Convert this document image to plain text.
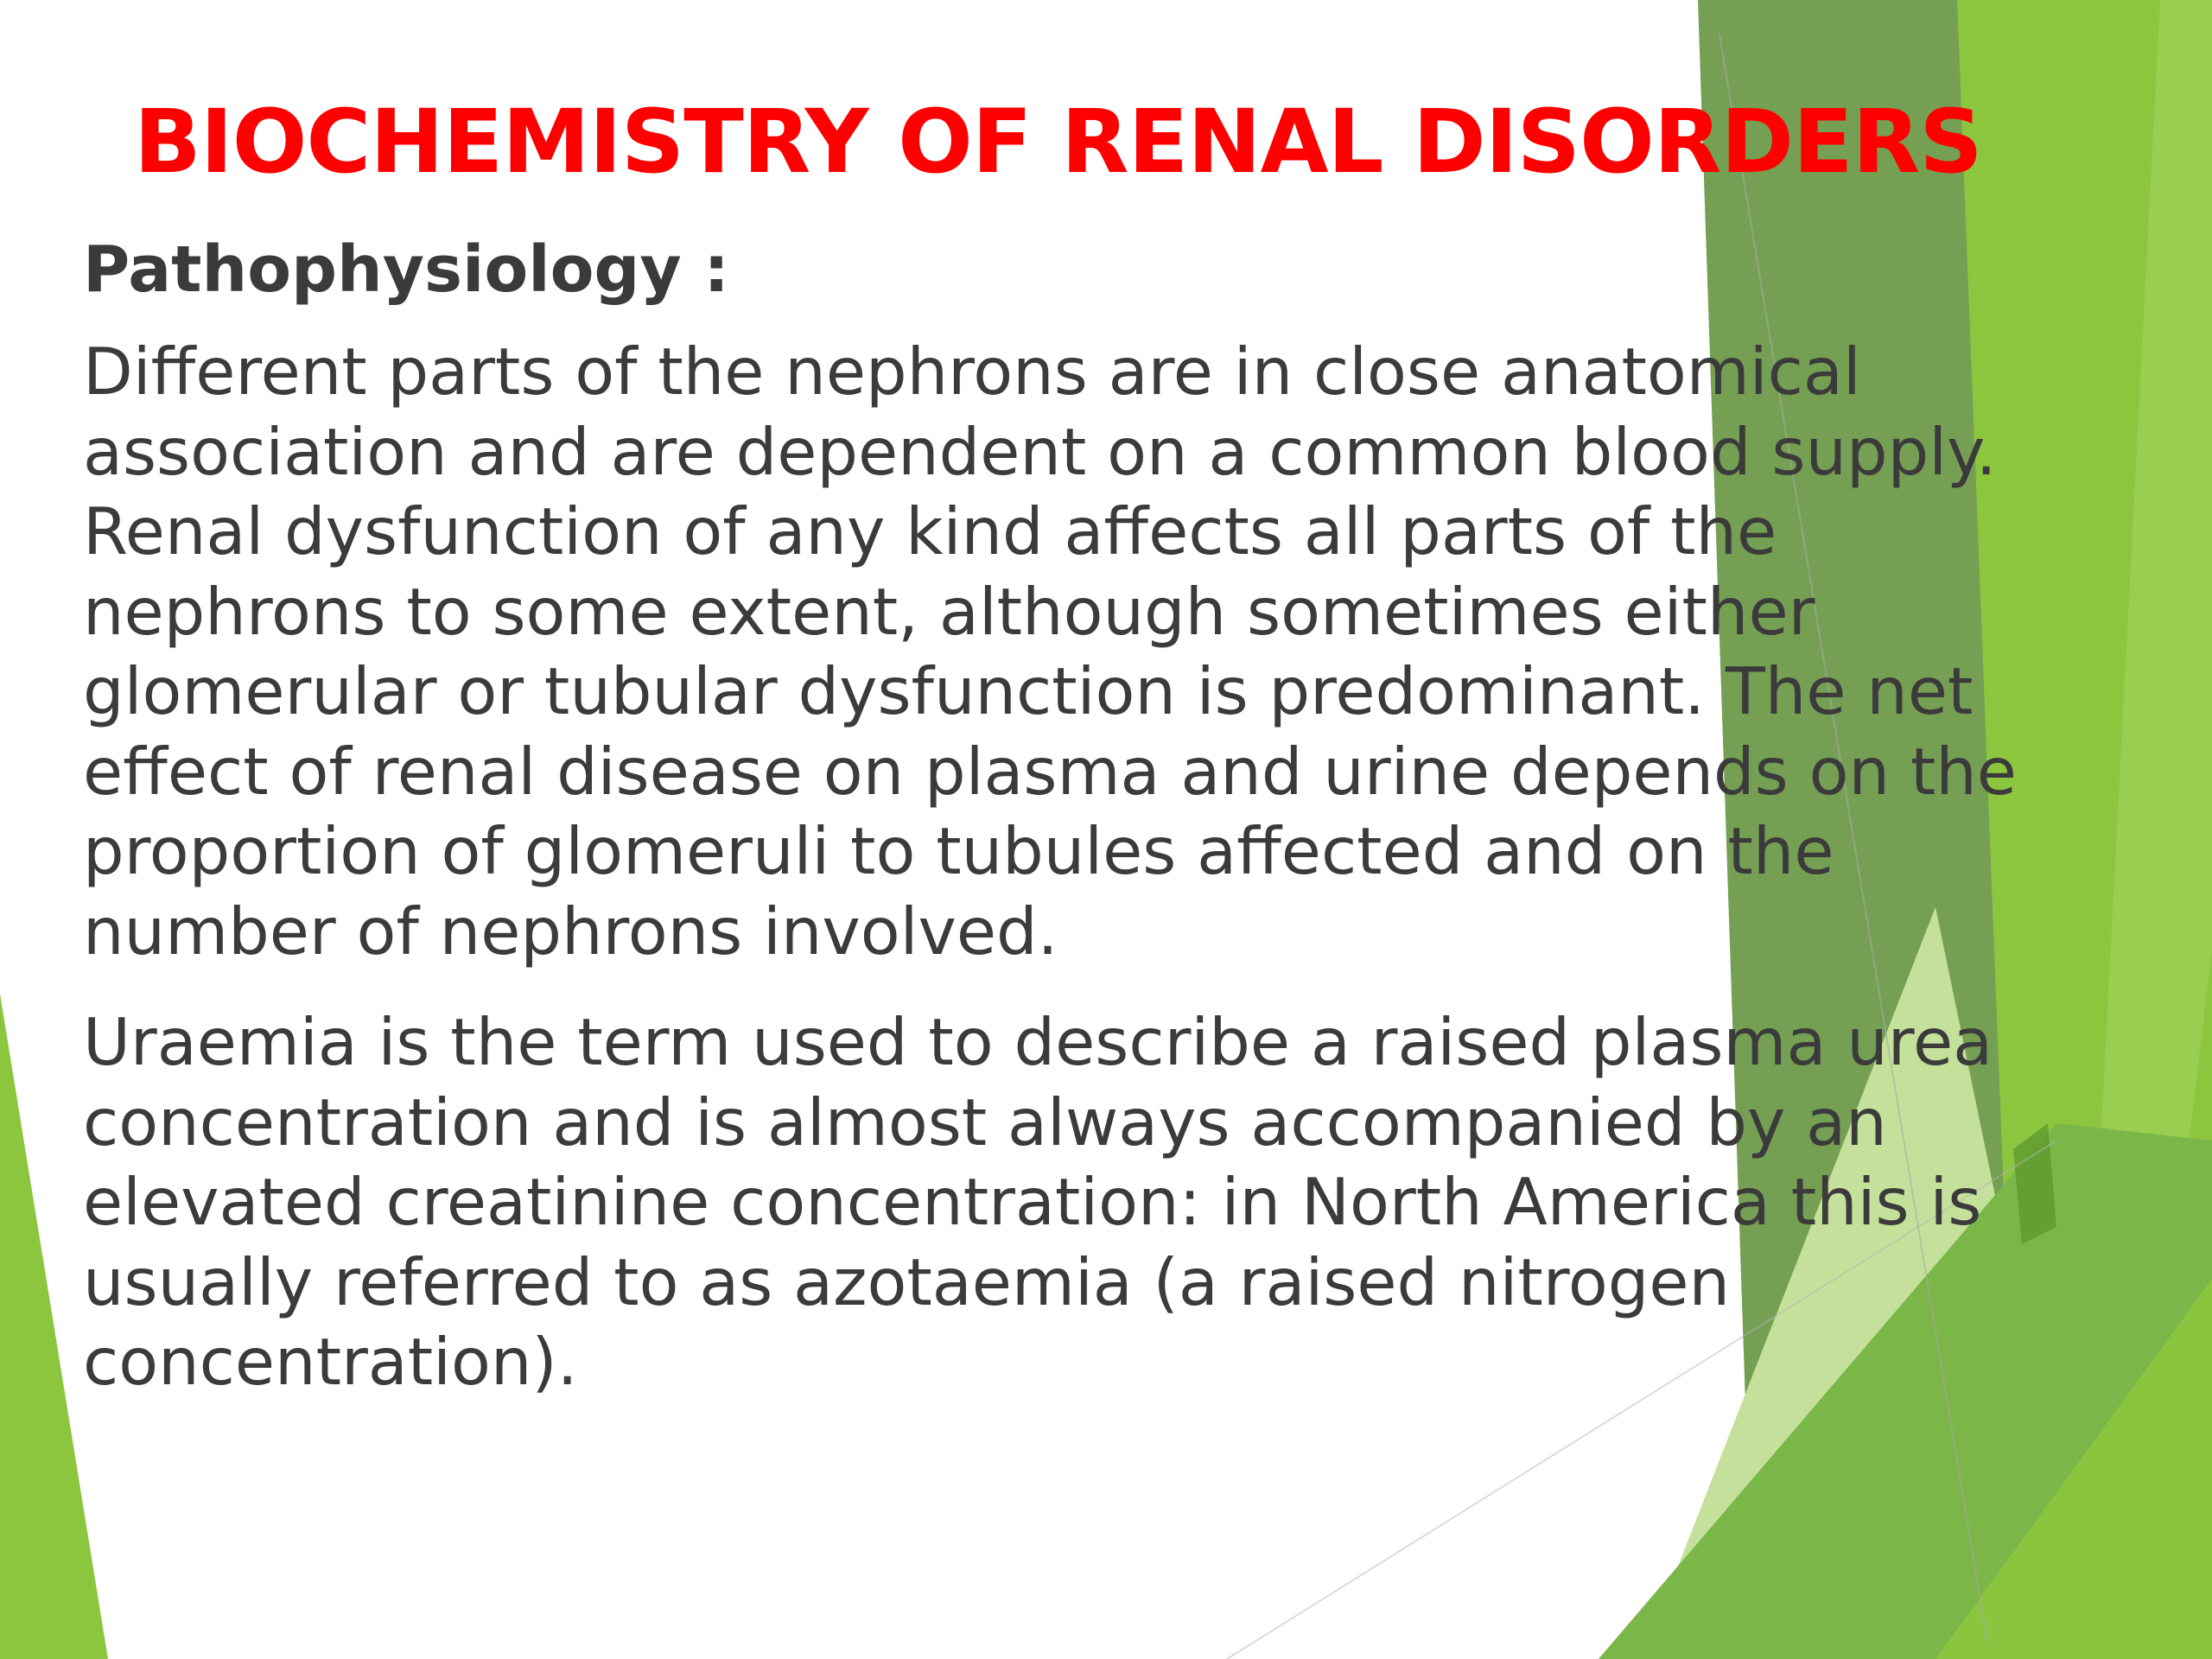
BIOCHEMISTRY OF RENAL DISORDERS

Pathophysiology :

Different parts of the nephrons are in close anatomical
association and are dependent on a common blood supply.
Renal dysfunction of any kind affects all parts of the
nephrons to some extent, although sometimes either
glomerular or tubular dysfunction is predominant. The net
effect of renal disease on plasma and urine depends on the
proportion of glomeruli to tubules affected and on the
number of nephrons involved.

Uraemia is the term used to describe a raised plasma urea
concentration and is almost always accompanied by an
elevated creatinine concentration: in North America this is
usually referred to as azotaemia (a raised nitrogen
concentration).
